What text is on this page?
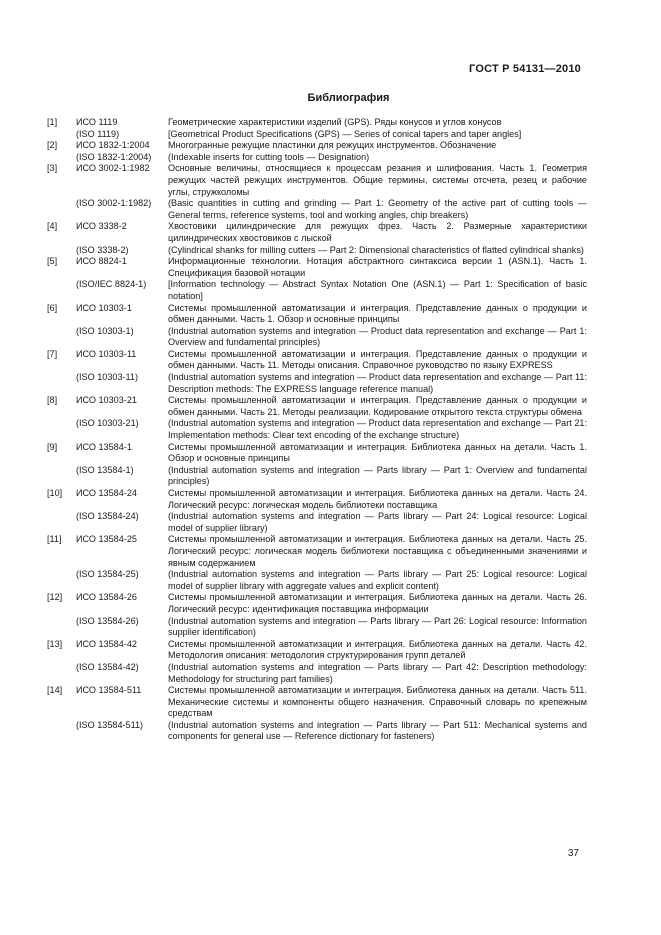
ГОСТ Р 54131—2010
Библиография
[1]	ИСО 1119	Геометрические характеристики изделий (GPS). Ряды конусов и углов конусов
(ISO 1119)	[Geometrical Product Specifications (GPS) — Series of conical tapers and taper angles]
[2]	ИСО 1832-1:2004	Многогранные режущие пластинки для режущих инструментов. Обозначение
(ISO 1832-1:2004)	(Indexable inserts for cutting tools — Designation)
[3]	ИСО 3002-1:1982	Основные величины, относящиеся к процессам резания и шлифования. Часть 1. Геометрия режущих частей режущих инструментов. Общие термины, системы отсчета, резец и рабочие углы, стружколомы
(ISO 3002-1:1982)	(Basic quantities in cutting and grinding — Part 1: Geometry of the active part of cutting tools — General terms, reference systems, tool and working angles, chip breakers)
[4]	ИСО 3338-2	Хвостовики цилиндрические для режущих фрез. Часть 2. Размерные характеристики цилиндрических хвостовиков с лыской
(ISO 3338-2)	(Cylindrical shanks for milling cutters — Part 2: Dimensional characteristics of flatted cylindrical shanks)
[5]	ИСО 8824-1	Информационные технологии. Нотация абстрактного синтаксиса версии 1 (ASN.1). Часть 1. Спецификация базовой нотации
(ISO/IEC 8824-1)	[Information technology — Abstract Syntax Notation One (ASN.1) — Part 1: Specification of basic notation]
[6]	ИСО 10303-1	Системы промышленной автоматизации и интеграция. Представление данных о продукции и обмен данными. Часть 1. Обзор и основные принципы
(ISO 10303-1)	(Industrial automation systems and integration — Product data representation and exchange — Part 1: Overview and fundamental principles)
[7]	ИСО 10303-11	Системы промышленной автоматизации и интеграция. Представление данных о продукции и обмен данными. Часть 11. Методы описания. Справочное руководство по языку EXPRESS
(ISO 10303-11)	(Industrial automation systems and integration — Product data representation and exchange — Part 11: Description methods: The EXPRESS language reference manual)
[8]	ИСО 10303-21	Системы промышленной автоматизации и интеграция. Представление данных о продукции и обмен данными. Часть 21. Методы реализации. Кодирование открытого текста структуры обмена
(ISO 10303-21)	(Industrial automation systems and integration — Product data representation and exchange — Part 21: Implementation methods: Clear text encoding of the exchange structure)
[9]	ИСО 13584-1	Системы промышленной автоматизации и интеграция. Библиотека данных на детали. Часть 1. Обзор и основные принципы
(ISO 13584-1)	(Industrial automation systems and integration — Parts library — Part 1: Overview and fundamental principles)
[10]	ИСО 13584-24	Системы промышленной автоматизации и интеграция. Библиотека данных на детали. Часть 24. Логический ресурс: логическая модель библиотеки поставщика
(ISO 13584-24)	(Industrial automation systems and integration — Parts library — Part 24: Logical resource: Logical model of supplier library)
[11]	ИСО 13584-25	Системы промышленной автоматизации и интеграция. Библиотека данных на детали. Часть 25. Логический ресурс: логическая модель библиотеки поставщика с объединенными значениями и явным содержанием
(ISO 13584-25)	(Industrial automation systems and integration — Parts library — Part 25: Logical resource: Logical model of supplier library with aggregate values and explicit content)
[12]	ИСО 13584-26	Системы промышленной автоматизации и интеграция. Библиотека данных на детали. Часть 26. Логический ресурс: идентификация поставщика информации
(ISO 13584-26)	(Industrial automation systems and integration — Parts library — Part 26: Logical resource: Information supplier identification)
[13]	ИСО 13584-42	Системы промышленной автоматизации и интеграция. Библиотека данных на детали. Часть 42. Методология описания: методология структурирования групп деталей
(ISO 13584-42)	(Industrial automation systems and integration — Parts library — Part 42: Description methodology: Methodology for structuring part families)
[14]	ИСО 13584-511	Системы промышленной автоматизации и интеграция. Библиотека данных на детали. Часть 511. Механические системы и компоненты общего назначения. Справочный словарь по крепежным средствам
(ISO 13584-511)	(Industrial automation systems and integration — Parts library — Part 511: Mechanical systems and components for general use — Reference dictionary for fasteners)
37
